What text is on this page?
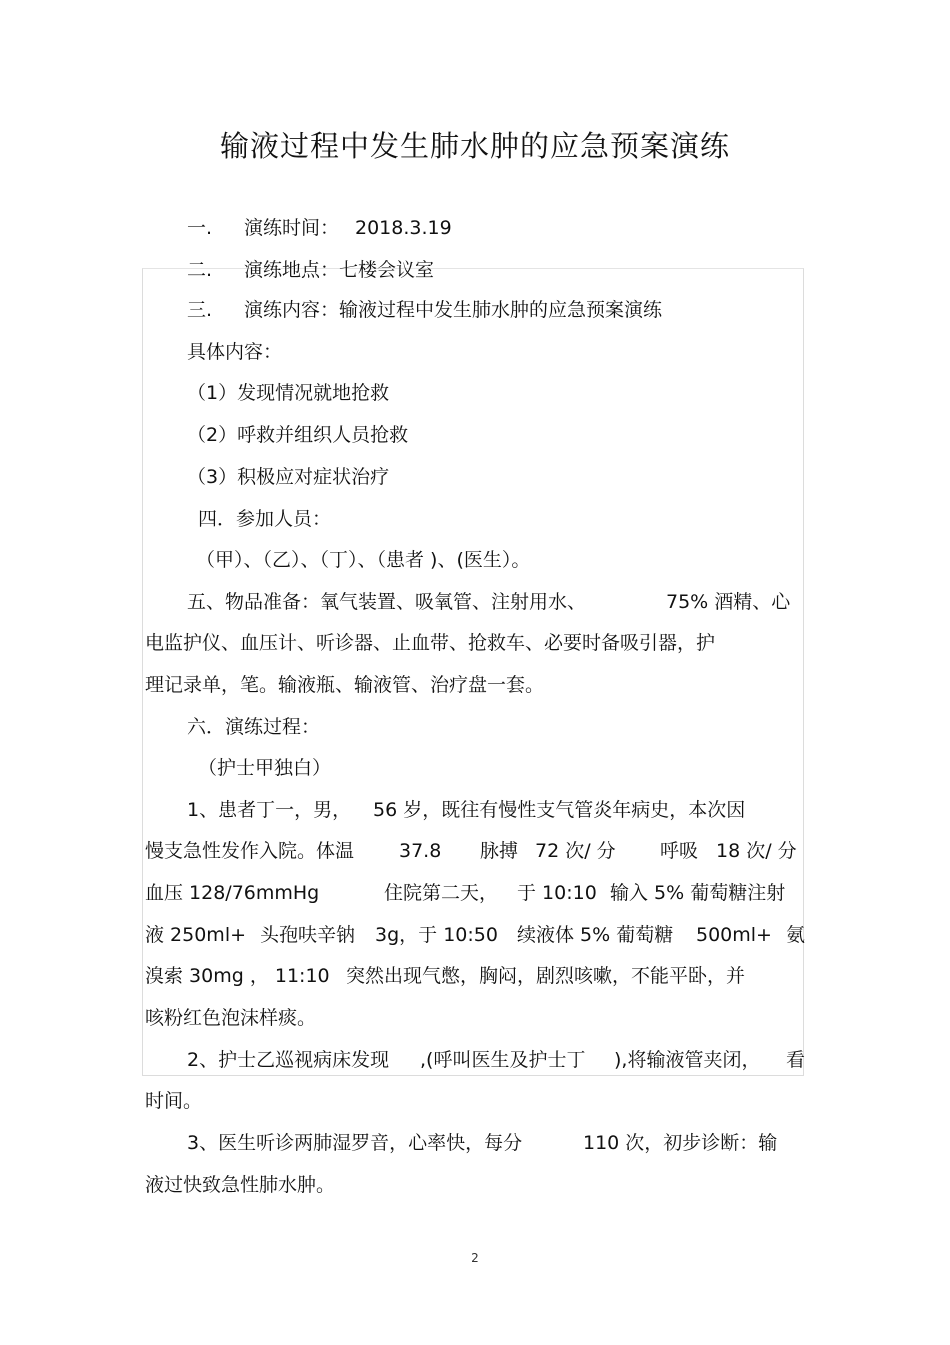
输液过程中发生肺水肿的应急预案演练
一. 演练时间： 2018.3.19
二. 演练地点：七楼会议室
三. 演练内容：输液过程中发生肺水肿的应急预案演练
具体内容：
（1）发现情况就地抢救
（2）呼救并组织人员抢救
（3）积极应对症状治疗
四．参加人员：
（甲）、（乙）、（丁）、（患者 )、(医生）。
五、物品准备：氧气装置、吸氧管、注射用水、	75% 酒精、心
电监护仪、血压计、听诊器、止血带、抢救车、必要时备吸引器，护
理记录单，笔。输液瓶、输液管、治疗盘一套。
六．演练过程：
（护士甲独白）
1、患者丁一，男， 56 岁，既往有慢性支气管炎年病史，本次因
慢支急性发作入院。体温 37.8 脉搏 72 次/ 分 呼吸 18 次/ 分
血压 128/76mmHg	住院第二天， 于 10:10 输入 5% 葡萄糖注射
液 250ml+ 头孢呋辛钠 3g，于 10:50 续液体 5% 葡萄糖 500ml+ 氨
溴索 30mg ， 11:10 突然出现气憋，胸闷，剧烈咳嗽，不能平卧，并
咳粉红色泡沫样痰。
2、护士乙巡视病床发现 ,(呼叫医生及护士丁 ),将输液管夹闭， 看
时间。
3、医生听诊两肺湿罗音，心率快，每分	110 次，初步诊断：输
液过快致急性肺水肿。
2
